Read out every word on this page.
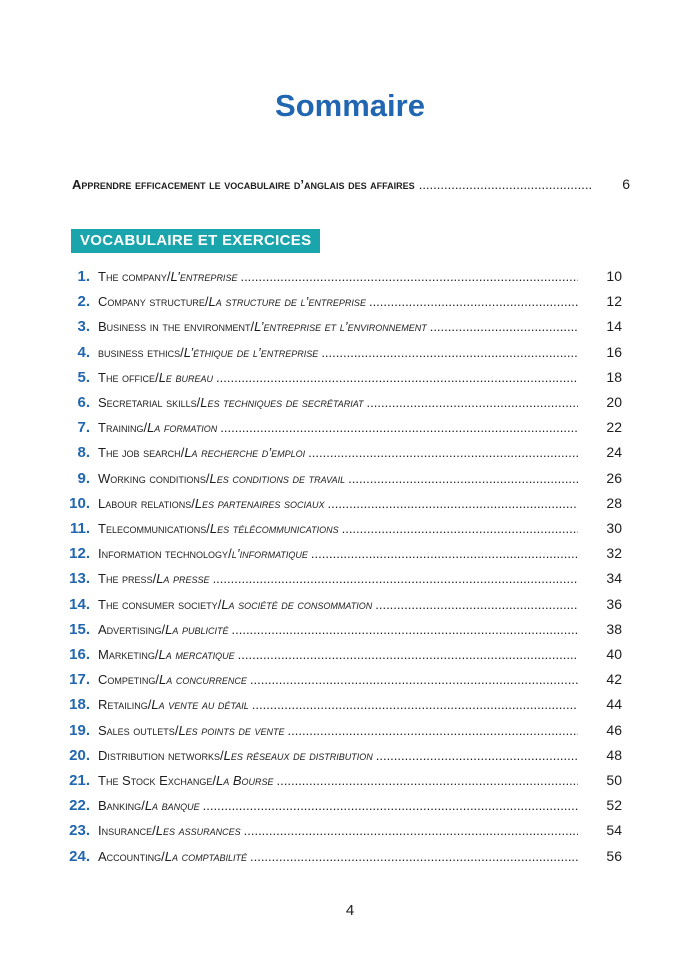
Sommaire
Apprendre efficacement le vocabulaire d’anglais des affaires .....	6
VOCABULAIRE ET EXERCICES
1. The company / L’entreprise .....	10
2. Company structure / La structure de l’entreprise .....	12
3. Business in the environment / L’entreprise et l’environnement .....	14
4. business ethics / L’éthique de l’entreprise .....	16
5. The office / Le bureau .....	18
6. Secretarial skills / Les techniques de secrétariat .....	20
7. Training / La formation .....	22
8. The job search / La recherche d’emploi .....	24
9. Working conditions / Les conditions de travail .....	26
10. Labour relations / Les partenaires sociaux .....	28
11. Telecommunications / Les télécommunications .....	30
12. Information technology / l’informatique .....	32
13. The press / La presse .....	34
14. The consumer society / La société de consommation .....	36
15. Advertising / La publicité .....	38
16. Marketing / La mercatique .....	40
17. Competing / La concurrence .....	42
18. Retailing / La vente au détail .....	44
19. Sales outlets / Les points de vente .....	46
20. Distribution networks / Les réseaux de distribution .....	48
21. The Stock Exchange / La Bourse .....	50
22. Banking / La banque .....	52
23. Insurance / Les assurances .....	54
24. Accounting / La comptabilité .....	56
4
